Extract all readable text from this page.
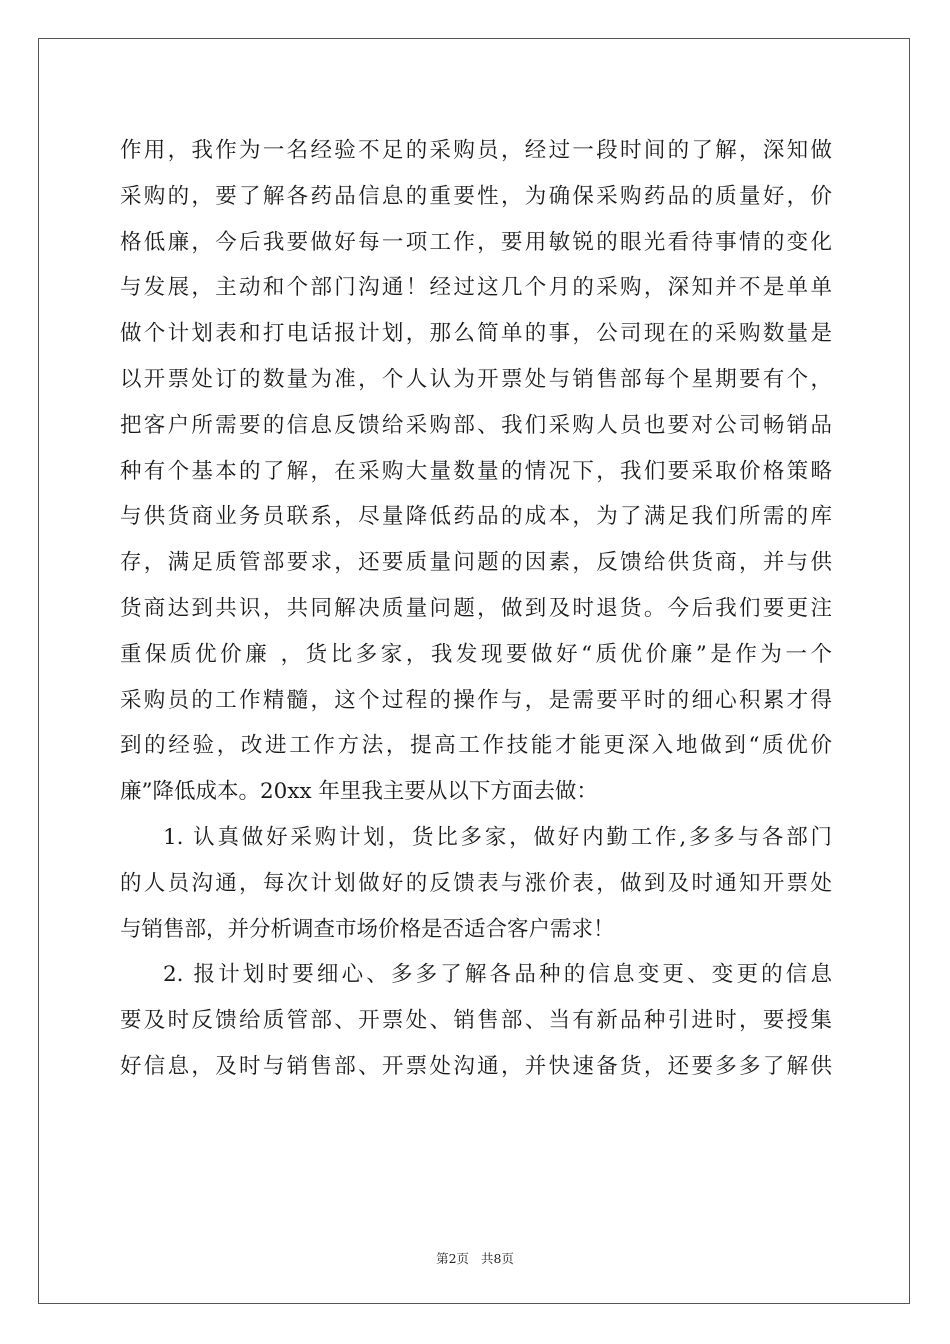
作用，我作为一名经验不足的采购员，经过一段时间的了解，深知做
采购的，要了解各药品信息的重要性，为确保采购药品的质量好，价
格低廉，今后我要做好每一项工作，要用敏锐的眼光看待事情的变化
与发展，主动和个部门沟通！经过这几个月的采购，深知并不是单单
做个计划表和打电话报计划，那么简单的事，公司现在的采购数量是
以开票处订的数量为准，个人认为开票处与销售部每个星期要有个，
把客户所需要的信息反馈给采购部、我们采购人员也要对公司畅销品
种有个基本的了解，在采购大量数量的情况下，我们要采取价格策略
与供货商业务员联系，尽量降低药品的成本，为了满足我们所需的库
存，满足质管部要求，还要质量问题的因素，反馈给供货商，并与供
货商达到共识，共同解决质量问题，做到及时退货。今后我们要更注
重保质优价廉 ，货比多家，我发现要做好“质优价廉”是作为一个
采购员的工作精髓，这个过程的操作与，是需要平时的细心积累才得
到的经验，改进工作方法，提高工作技能才能更深入地做到“质优价
廉”降低成本。20xx 年里我主要从以下方面去做：
1. 认真做好采购计划，货比多家，做好内勤工作,多多与各部门
的人员沟通，每次计划做好的反馈表与涨价表，做到及时通知开票处
与销售部，并分析调查市场价格是否适合客户需求！
2. 报计划时要细心、多多了解各品种的信息变更、变更的信息
要及时反馈给质管部、开票处、销售部、当有新品种引进时，要授集
好信息，及时与销售部、开票处沟通，并快速备货，还要多多了解供
第2页   共8页
